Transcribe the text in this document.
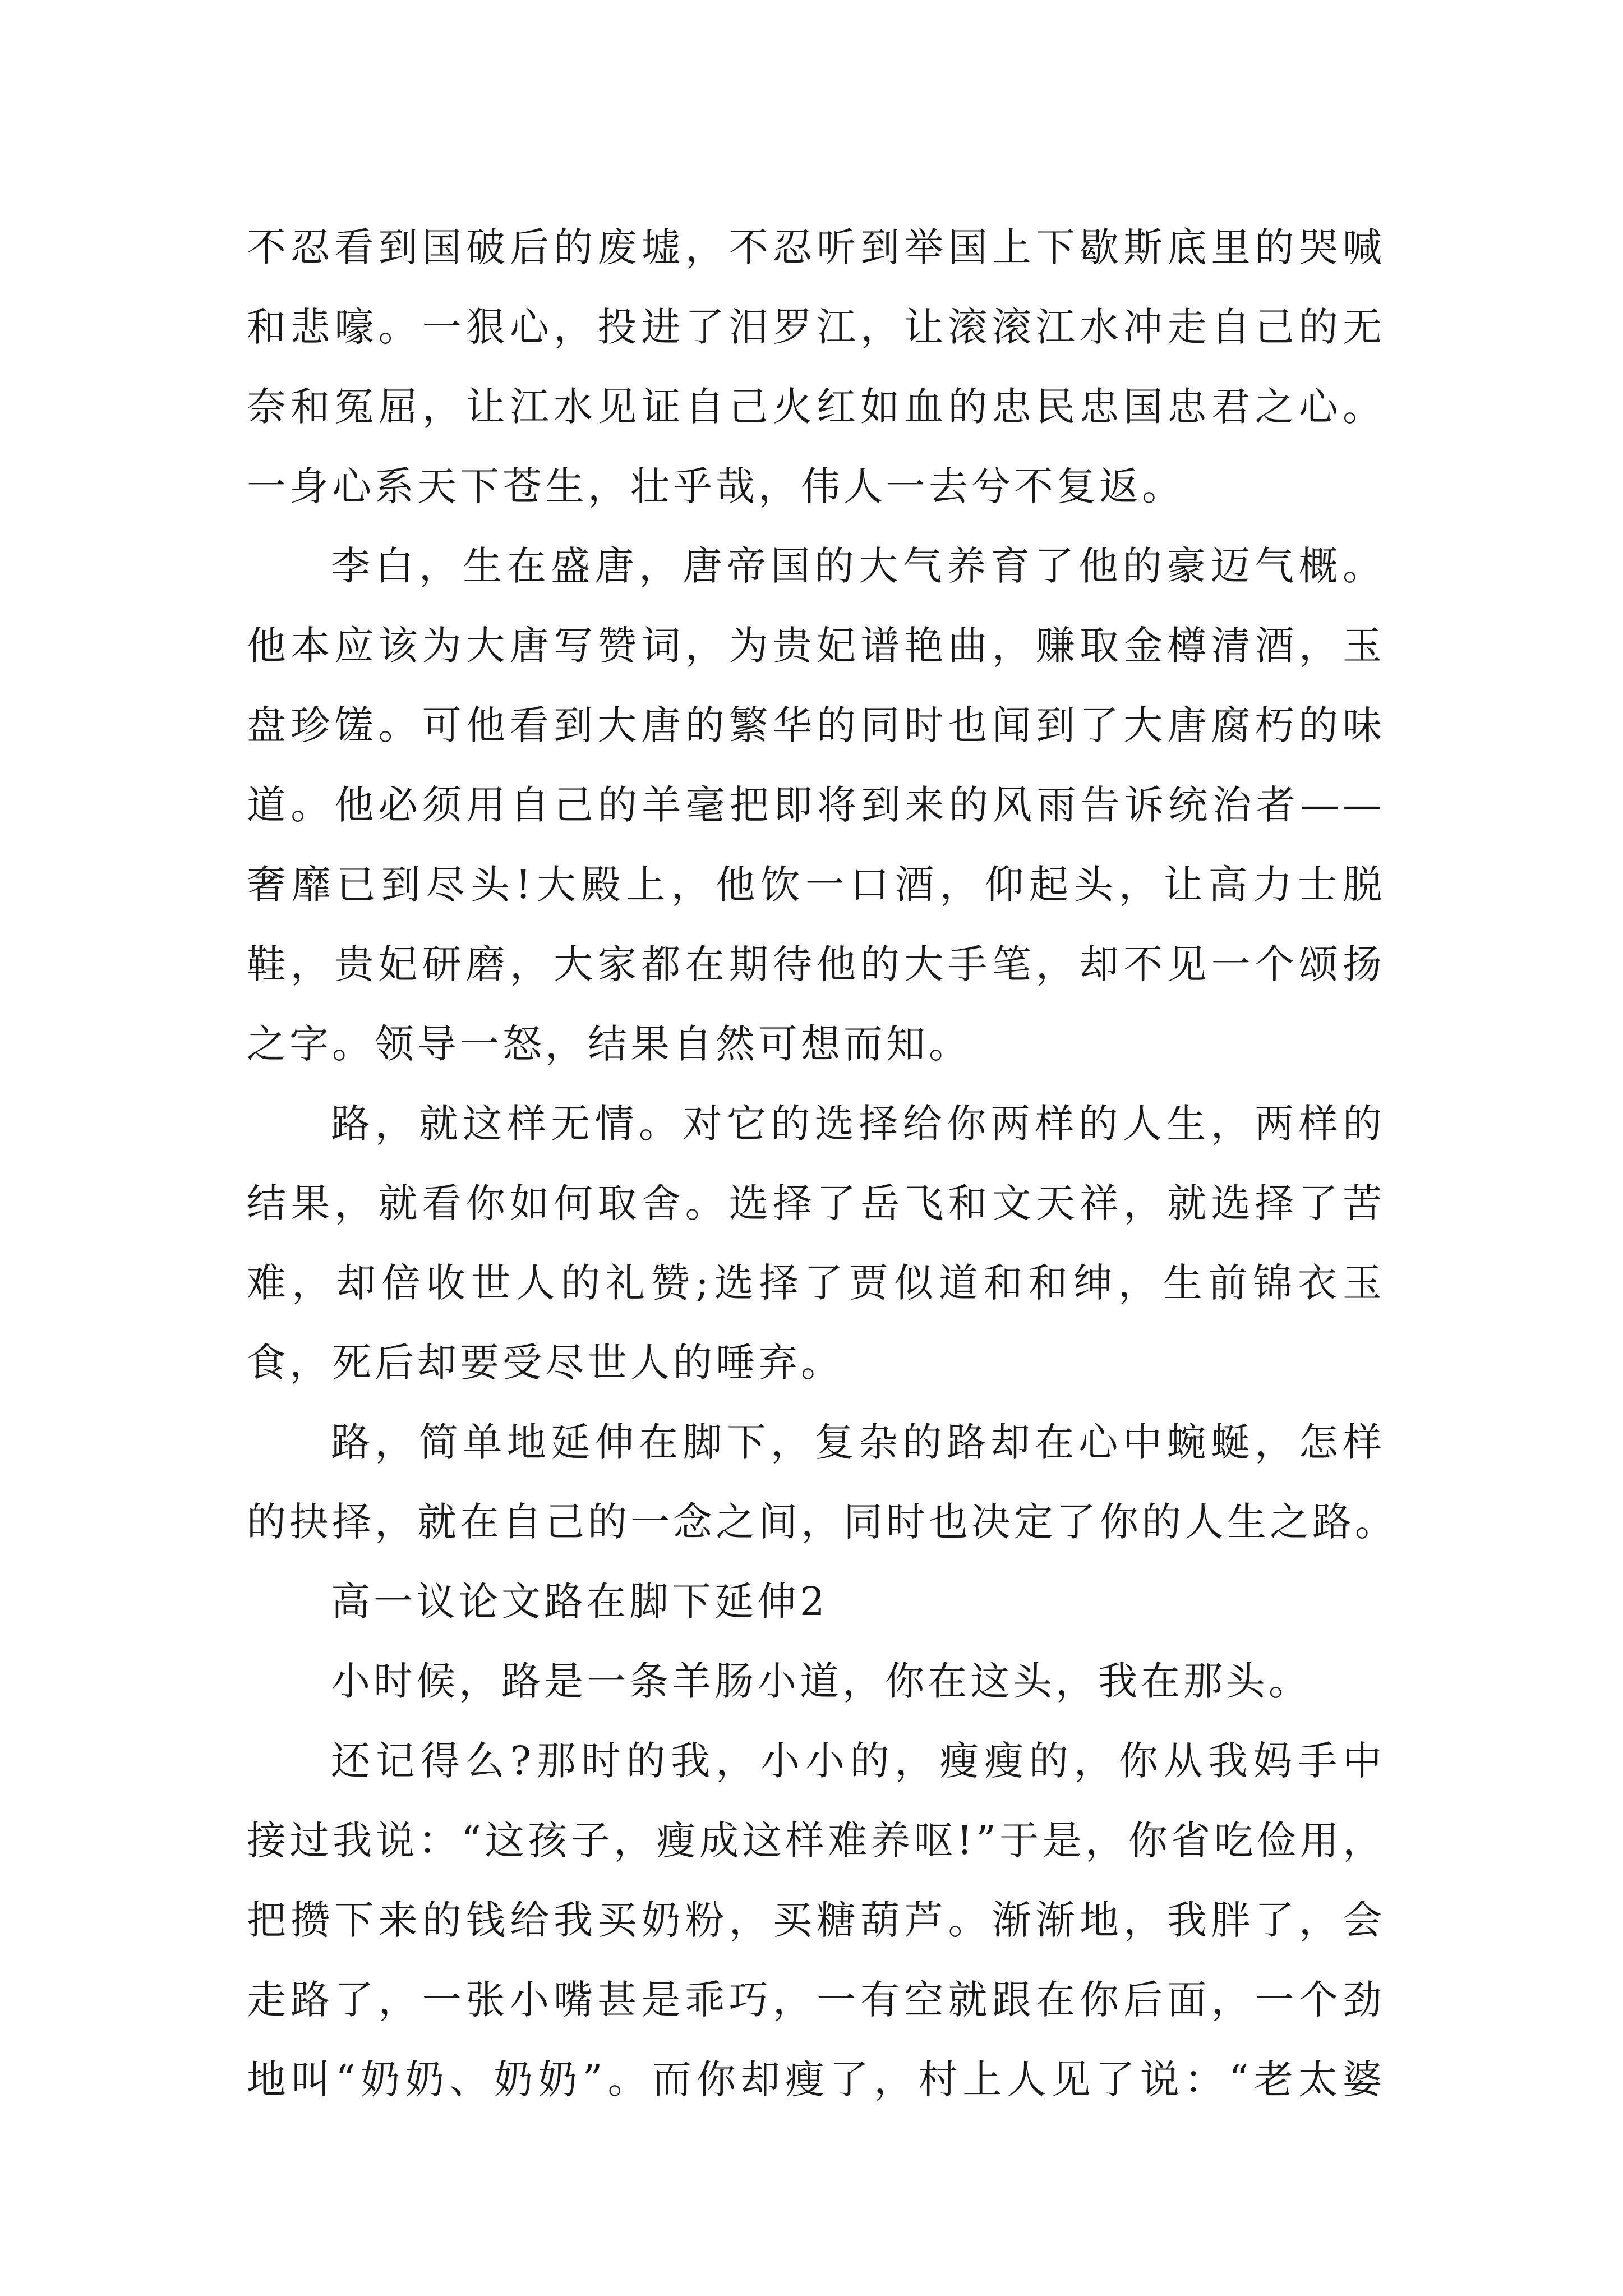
不忍看到国破后的废墟，不忍听到举国上下歇斯底里的哭喊
和悲嚎。一狠心，投进了汨罗江，让滚滚江水冲走自己的无
奈和冤屈，让江水见证自己火红如血的忠民忠国忠君之心。
一身心系天下苍生，壮乎哉，伟人一去兮不复返。
李白，生在盛唐，唐帝国的大气养育了他的豪迈气概。
他本应该为大唐写赞词，为贵妃谱艳曲，赚取金樽清酒，玉
盘珍馐。可他看到大唐的繁华的同时也闻到了大唐腐朽的味
道。他必须用自己的羊毫把即将到来的风雨告诉统治者——
奢靡已到尽头!大殿上，他饮一口酒，仰起头，让高力士脱
鞋，贵妃研磨，大家都在期待他的大手笔，却不见一个颂扬
之字。领导一怒，结果自然可想而知。
路，就这样无情。对它的选择给你两样的人生，两样的
结果，就看你如何取舍。选择了岳飞和文天祥，就选择了苦
难，却倍收世人的礼赞;选择了贾似道和和绅，生前锦衣玉
食，死后却要受尽世人的唾弃。
路，简单地延伸在脚下，复杂的路却在心中蜿蜒，怎样
的抉择，就在自己的一念之间，同时也决定了你的人生之路。
高一议论文路在脚下延伸2
小时候，路是一条羊肠小道，你在这头，我在那头。
还记得么?那时的我，小小的，瘦瘦的，你从我妈手中
接过我说：“这孩子，瘦成这样难养呕!”于是，你省吃俭用，
把攒下来的钱给我买奶粉，买糖葫芦。渐渐地，我胖了，会
走路了，一张小嘴甚是乖巧，一有空就跟在你后面，一个劲
地叫“奶奶、奶奶”。而你却瘦了，村上人见了说：“老太婆
